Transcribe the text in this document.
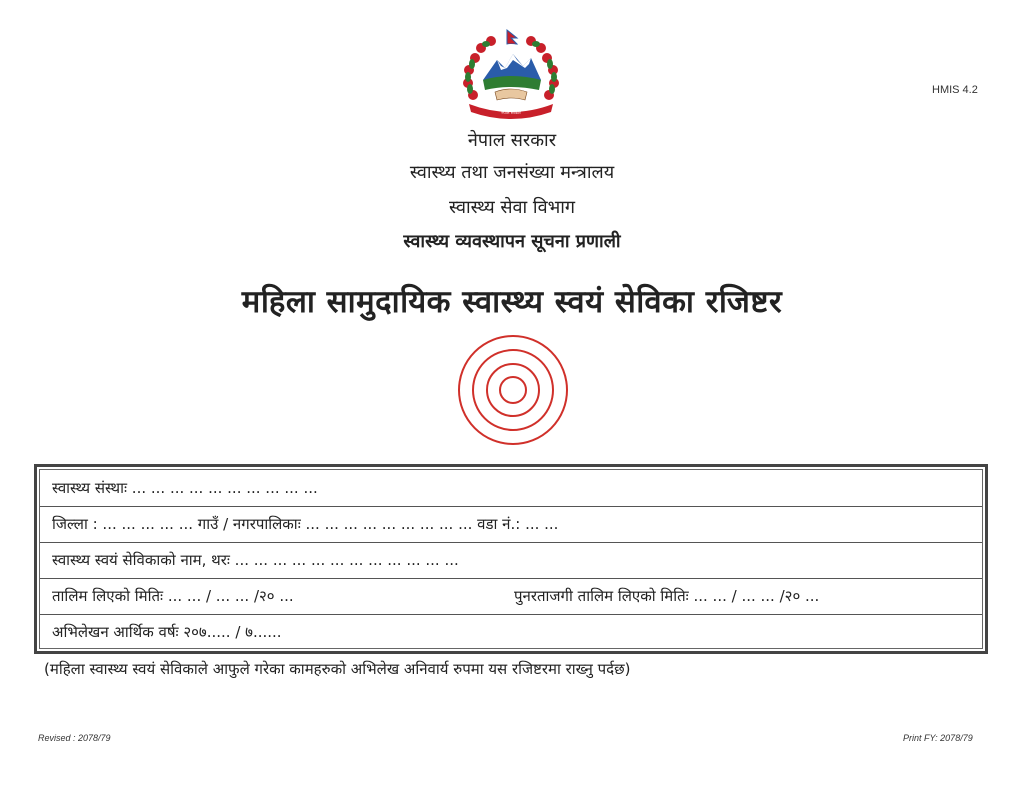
नेपाल सरकार
HMIS 4.2
नेपाल सरकार
स्वास्थ्य तथा जनसंख्या मन्त्रालय
स्वास्थ्य सेवा विभाग
स्वास्थ्य व्यवस्थापन सूचना प्रणाली
महिला सामुदायिक स्वास्थ्य स्वयं सेविका रजिष्टर
स्वास्थ्य संस्थाः ... ... ... ... ... ... ... ... ... ...
जिल्ला : ... ... ... ... ... गाउँ / नगरपालिकाः ... ... ... ... ... ... ... ... ... वडा नं.: ... ...
स्वास्थ्य स्वयं सेविकाको नाम, थरः ... ... ... ... ... ... ... ... ... ... ... ...
तालिम लिएको मितिः ... ... / ... ... /२० ...	पुनरताजगी तालिम लिएको मितिः ... ... / ... ... /२० ...
अभिलेखन आर्थिक वर्षः २०७..... / ७......
(महिला स्वास्थ्य स्वयं सेविकाले आफुले गरेका कामहरुको अभिलेख अनिवार्य रुपमा यस रजिष्टरमा राख्नु पर्दछ)
Revised : 2078/79	Print FY: 2078/79
